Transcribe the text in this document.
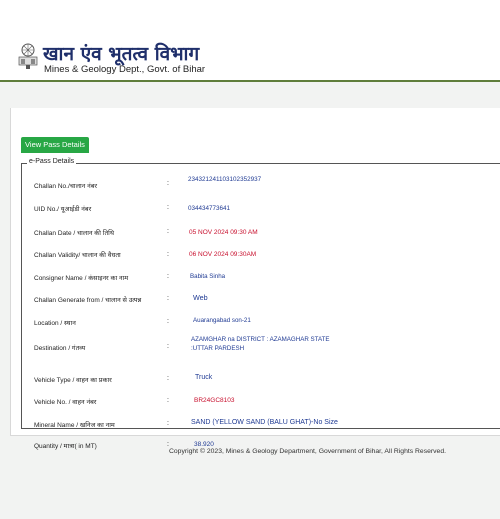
खान एंव भूतत्व विभाग
Mines & Geology Dept., Govt. of Bihar
View Pass Details
e-Pass Details
Challan No./चालान नंबर	:
234321241103102352937
UID No./ यूआईडी नंबर	:	034434773641
Challan Date / चालान की तिथि	:	05 NOV 2024 09:30 AM
Challan Validity/ चालान की वैधता	:	06 NOV 2024 09:30AM
Consigner Name / कंसाइनर का नाम	:	Babita Sinha
Challan Generate from / चालान से उत्पन्न	:	Web
Location / स्थान	:	Auarangabad son-21
Destination / गंतव्य	:
AZAMGHAR na DISTRICT : AZAMAGHAR STATE
:UTTAR PARDESH
Vehicle Type / वाहन का प्रकार	:	Truck
Vehicle No. / वाहन नंबर	:	BR24GC8103
Mineral Name / खनिज का नाम	:	SAND (YELLOW SAND (BALU GHAT)-No Size
Quantity / मात्रा( in MT)	:	38.920
Copyright © 2023, Mines & Geology Department, Government of Bihar, All Rights Reserved.
